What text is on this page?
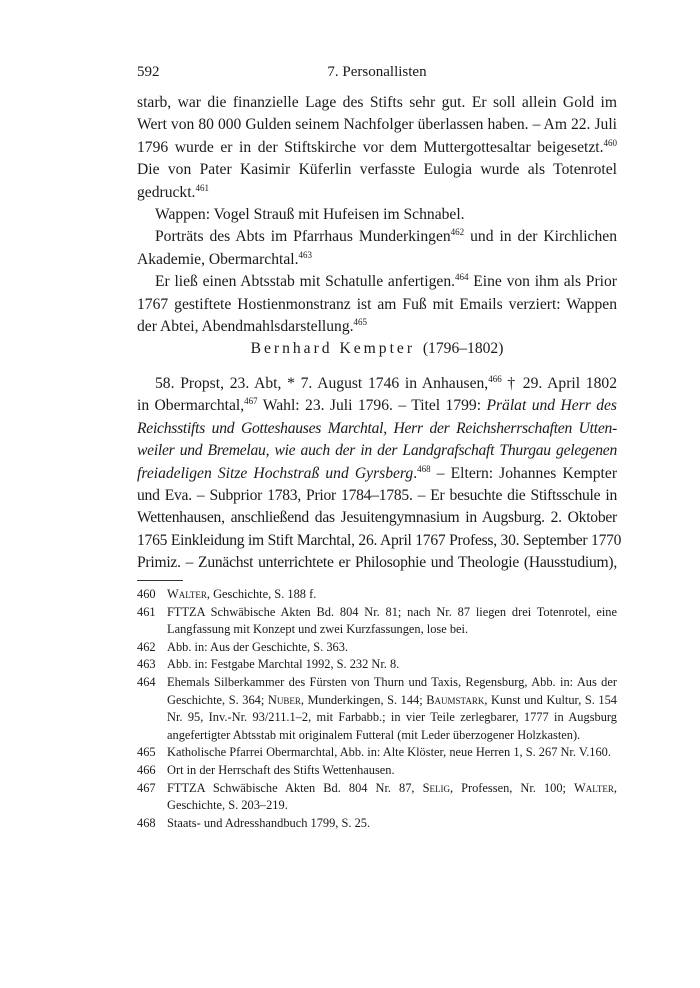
592	7. Personallisten

starb, war die finanzielle Lage des Stifts sehr gut. Er soll allein Gold im Wert von 80 000 Gulden seinem Nachfolger überlassen haben. – Am 22. Juli 1796 wurde er in der Stiftskirche vor dem Muttergottesaltar beigesetzt.$^{460}$ Die von Pater Kasimir Küferlin verfasste Eulogia wurde als Totenrotel gedruckt.$^{461}$

Wappen: Vogel Strauß mit Hufeisen im Schnabel.

Porträts des Abts im Pfarrhaus Munderkingen$^{462}$ und in der Kirchlichen Akademie, Obermarchtal.$^{463}$

Er ließ einen Abtsstab mit Schatulle anfertigen.$^{464}$ Eine von ihm als Prior 1767 gestiftete Hostienmonstranz ist am Fuß mit Emails verziert: Wappen der Abtei, Abendmahlsdarstellung.$^{465}$

Bernhard Kempter (1796–1802)
58. Propst, 23. Abt, * 7. August 1746 in Anhausen,$^{466}$ † 29. April 1802
in Obermarchtal,$^{467}$ Wahl: 23. Juli 1796. – Titel 1799: Prälat und Herr des
Reichsstifts und Gotteshauses Marchtal, Herr der Reichsherrschaften Utten-
weiler und Bremelau, wie auch der in der Landgrafschaft Thurgau gelegenen
freiadeligen Sitze Hochstraß und Gyrsberg.$^{468}$ – Eltern: Johannes Kempter
und Eva. – Subprior 1783, Prior 1784–1785. – Er besuchte die Stiftsschule in
Wettenhausen, anschließend das Jesuitengymnasium in Augsburg. 2. Oktober
1765 Einkleidung im Stift Marchtal, 26. April 1767 Profess, 30. September 1770
Primiz. – Zunächst unterrichtete er Philosophie und Theologie (Hausstudium),
460 Walter, Geschichte, S. 188 f.
461 FTTZA Schwäbische Akten Bd. 804 Nr. 81; nach Nr. 87 liegen drei Totenrotel, eine Langfassung mit Konzept und zwei Kurzfassungen, lose bei.
462 Abb. in: Aus der Geschichte, S. 363.
463 Abb. in: Festgabe Marchtal 1992, S. 232 Nr. 8.
464 Ehemals Silberkammer des Fürsten von Thurn und Taxis, Regensburg, Abb. in: Aus der Geschichte, S. 364; Nuber, Munderkingen, S. 144; Baumstark, Kunst und Kultur, S. 154 Nr. 95, Inv.-Nr. 93/211.1–2, mit Farbabb.; in vier Teile zerlegbarer, 1777 in Augsburg angefertigter Abtsstab mit originalem Futteral (mit Leder überzogener Holzkasten).
465 Katholische Pfarrei Obermarchtal, Abb. in: Alte Klöster, neue Herren 1, S. 267 Nr. V.160.
466 Ort in der Herrschaft des Stifts Wettenhausen.
467 FTTZA Schwäbische Akten Bd. 804 Nr. 87, Selig, Professen, Nr. 100; Walter, Geschichte, S. 203–219.
468 Staats- und Adresshandbuch 1799, S. 25.
